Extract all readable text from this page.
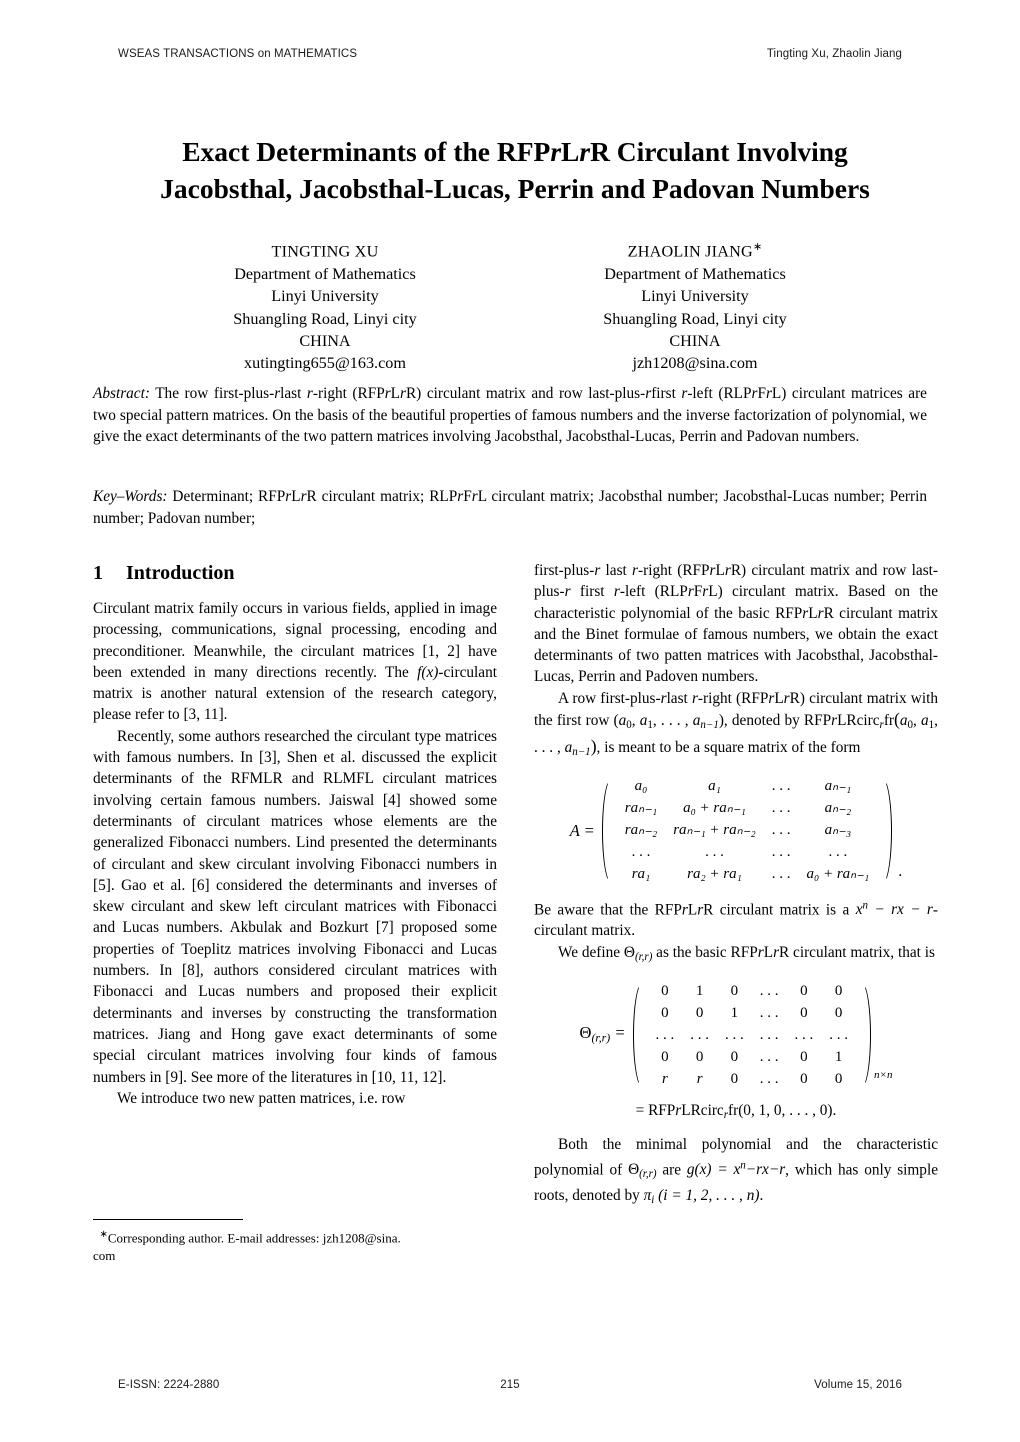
WSEAS TRANSACTIONS on MATHEMATICS	Tingting Xu, Zhaolin Jiang
Exact Determinants of the RFPrLrR Circulant Involving
Jacobsthal, Jacobsthal-Lucas, Perrin and Padovan Numbers
TINGTING XU
Department of Mathematics
Linyi University
Shuangling Road, Linyi city
CHINA
xutingting655@163.com
ZHAOLIN JIANG∗
Department of Mathematics
Linyi University
Shuangling Road, Linyi city
CHINA
jzh1208@sina.com
Abstract: The row first-plus-rlast r-right (RFPrLrR) circulant matrix and row last-plus-rfirst r-left (RLPrFrL) circulant matrices are two special pattern matrices. On the basis of the beautiful properties of famous numbers and the inverse factorization of polynomial, we give the exact determinants of the two pattern matrices involving Jacobsthal, Jacobsthal-Lucas, Perrin and Padovan numbers.
Key–Words: Determinant; RFPrLrR circulant matrix; RLPrFrL circulant matrix; Jacobsthal number; Jacobsthal-Lucas number; Perrin number; Padovan number;
1 Introduction

Circulant matrix family occurs in various fields, applied in image processing, communications, signal processing, encoding and preconditioner. Meanwhile, the circulant matrices [1, 2] have been extended in many directions recently. The f(x)-circulant matrix is another natural extension of the research category, please refer to [3, 11].

Recently, some authors researched the circulant type matrices with famous numbers. In [3], Shen et al. discussed the explicit determinants of the RFMLR and RLMFL circulant matrices involving certain famous numbers. Jaiswal [4] showed some determinants of circulant matrices whose elements are the generalized Fibonacci numbers. Lind presented the determinants of circulant and skew circulant involving Fibonacci numbers in [5]. Gao et al. [6] considered the determinants and inverses of skew circulant and skew left circulant matrices with Fibonacci and Lucas numbers. Akbulak and Bozkurt [7] proposed some properties of Toeplitz matrices involving Fibonacci and Lucas numbers. In [8], authors considered circulant matrices with Fibonacci and Lucas numbers and proposed their explicit determinants and inverses by constructing the transformation matrices. Jiang and Hong gave exact determinants of some special circulant matrices involving four kinds of famous numbers in [9]. See more of the literatures in [10, 11, 12].

We introduce two new patten matrices, i.e. row

∗Corresponding author. E-mail addresses: jzh1208@sina.
com

first-plus-r last r-right (RFPrLrR) circulant matrix and row last-plus-r first r-left (RLPrFrL) circulant matrix. Based on the characteristic polynomial of the basic RFPrLrR circulant matrix and the Binet formulae of famous numbers, we obtain the exact determinants of two patten matrices with Jacobsthal, Jacobsthal-Lucas, Perrin and Padoven numbers.

A row first-plus-rlast r-right (RFPrLrR) circulant matrix with the first row ($a_0$, $a_1$, . . . , $a_{n-1}$), denoted by $RFPrLRcirc_rfr(a_0$, $a_1$, . . . , $a_{n-1}$), is meant to be a square matrix of the form

A =
a₀	a₁	. . .	aₙ₋₁
raₙ₋₁	a₀ + raₙ₋₁	. . .	aₙ₋₂
raₙ₋₂	raₙ₋₁ + raₙ₋₂	. . .	aₙ₋₃
. . .	. . .	. . .	. . .
ra₁	ra₂ + ra₁	. . .	a₀ + raₙ₋₁	.

Be aware that the RFPrLrR circulant matrix is a $x^n$ − rx − r-circulant matrix.

We define $\Theta_{(r,r)}$ as the basic RFPrLrR circulant matrix, that is

$\Theta_{(r,r)}$ =
0	1	0	. . .	0	0
0	0	1	. . .	0	0
. . .	. . .	. . .	. . .	. . .	. . .
0	0	0	. . .	0	1
r	r	0	. . .	0	0	n×n
= RFPrLRcirc$_r$fr(0, 1, 0, . . . , 0).

Both the minimal polynomial and the characteristic polynomial of $\Theta_{(r,r)}$ are $g(x) = x^n-rx-r$, which has only simple roots, denoted by $\pi_i$ (i = 1, 2, . . . , n).

E-ISSN: 2224-2880	215	Volume 15, 2016
